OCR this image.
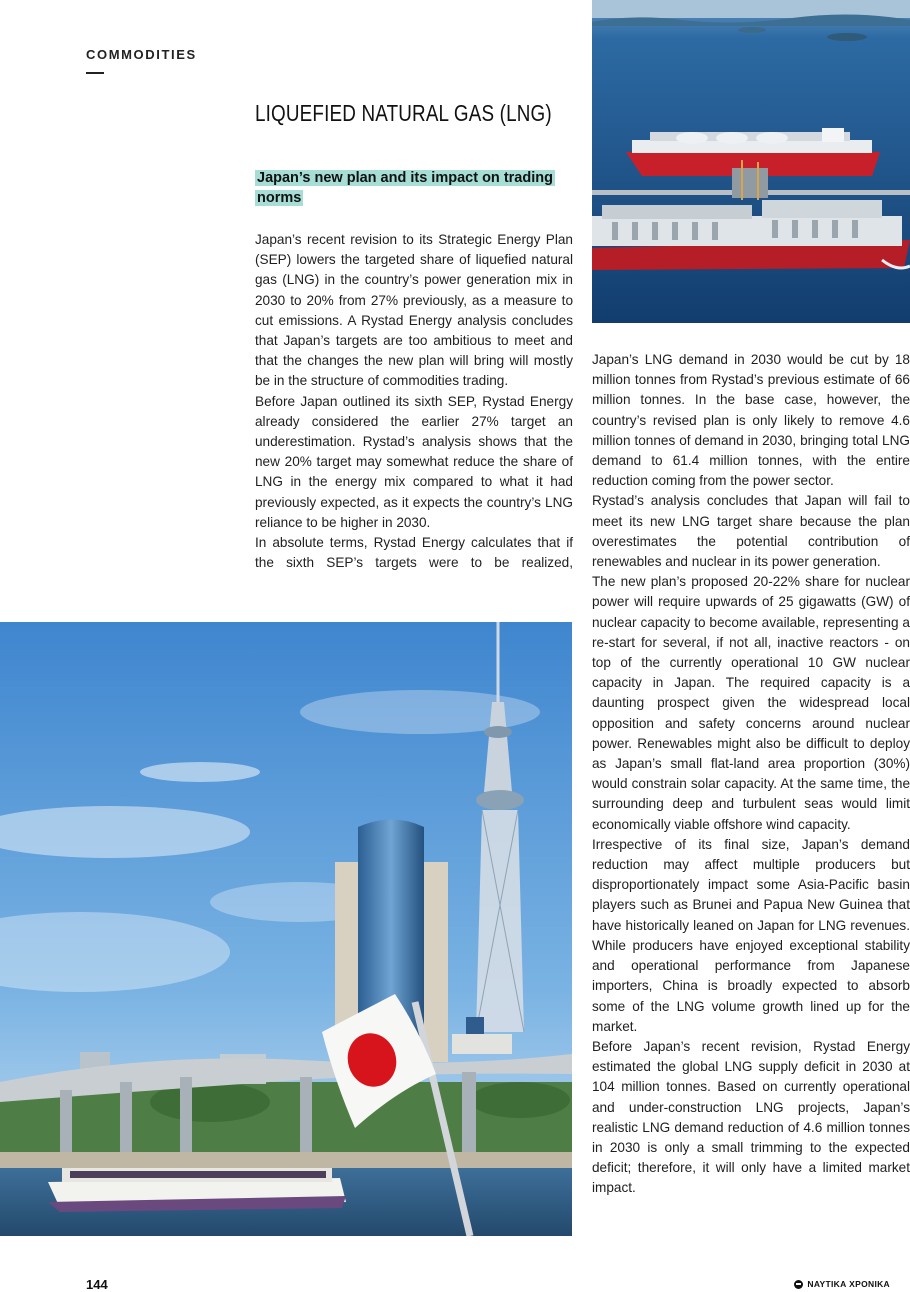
COMMODITIES
LIQUEFIED NATURAL GAS (LNG)
Japan’s new plan and its impact on trading norms

Japan’s recent revision to its Strategic Energy Plan (SEP) lowers the targeted share of liquefied natural gas (LNG) in the country’s power generation mix in 2030 to 20% from 27% previously, as a measure to cut emissions. A Rystad Energy analysis concludes that Japan’s targets are too ambitious to meet and that the changes the new plan will bring will mostly be in the structure of commodities trading.

Before Japan outlined its sixth SEP, Rystad Energy already considered the earlier 27% target an underestimation. Rystad’s analysis shows that the new 20% target may somewhat reduce the share of LNG in the energy mix compared to what it had previously expected, as it expects the country’s LNG reliance to be higher in 2030.

In absolute terms, Rystad Energy calculates that if the sixth SEP’s targets were to be realized,

Japan’s LNG demand in 2030 would be cut by 18 million tonnes from Rystad’s previous estimate of 66 million tonnes. In the base case, however, the country’s revised plan is only likely to remove 4.6 million tonnes of demand in 2030, bringing total LNG demand to 61.4 million tonnes, with the entire reduction coming from the power sector.

Rystad’s analysis concludes that Japan will fail to meet its new LNG target share because the plan overestimates the potential contribution of renewables and nuclear in its power generation.

The new plan’s proposed 20-22% share for nuclear power will require upwards of 25 gigawatts (GW) of nuclear capacity to become available, representing a re-start for several, if not all, inactive reactors - on top of the currently operational 10 GW nuclear capacity in Japan. The required capacity is a daunting prospect given the widespread local opposition and safety concerns around nuclear power. Renewables might also be difficult to deploy as Japan’s small flat-land area proportion (30%) would constrain solar capacity. At the same time, the surrounding deep and turbulent seas would limit economically viable offshore wind capacity.

Irrespective of its final size, Japan’s demand reduction may affect multiple producers but disproportionately impact some Asia-Pacific basin players such as Brunei and Papua New Guinea that have historically leaned on Japan for LNG revenues. While producers have enjoyed exceptional stability and operational performance from Japanese importers, China is broadly expected to absorb some of the LNG volume growth lined up for the market.

Before Japan’s recent revision, Rystad Energy estimated the global LNG supply deficit in 2030 at 104 million tonnes. Based on currently operational and under-construction LNG projects, Japan’s realistic LNG demand reduction of 4.6 million tonnes in 2030 is only a small trimming to the expected deficit; therefore, it will only have a limited market impact.

144	ΝΑΥΤΙΚΑ ΧΡΟΝΙΚΑ
